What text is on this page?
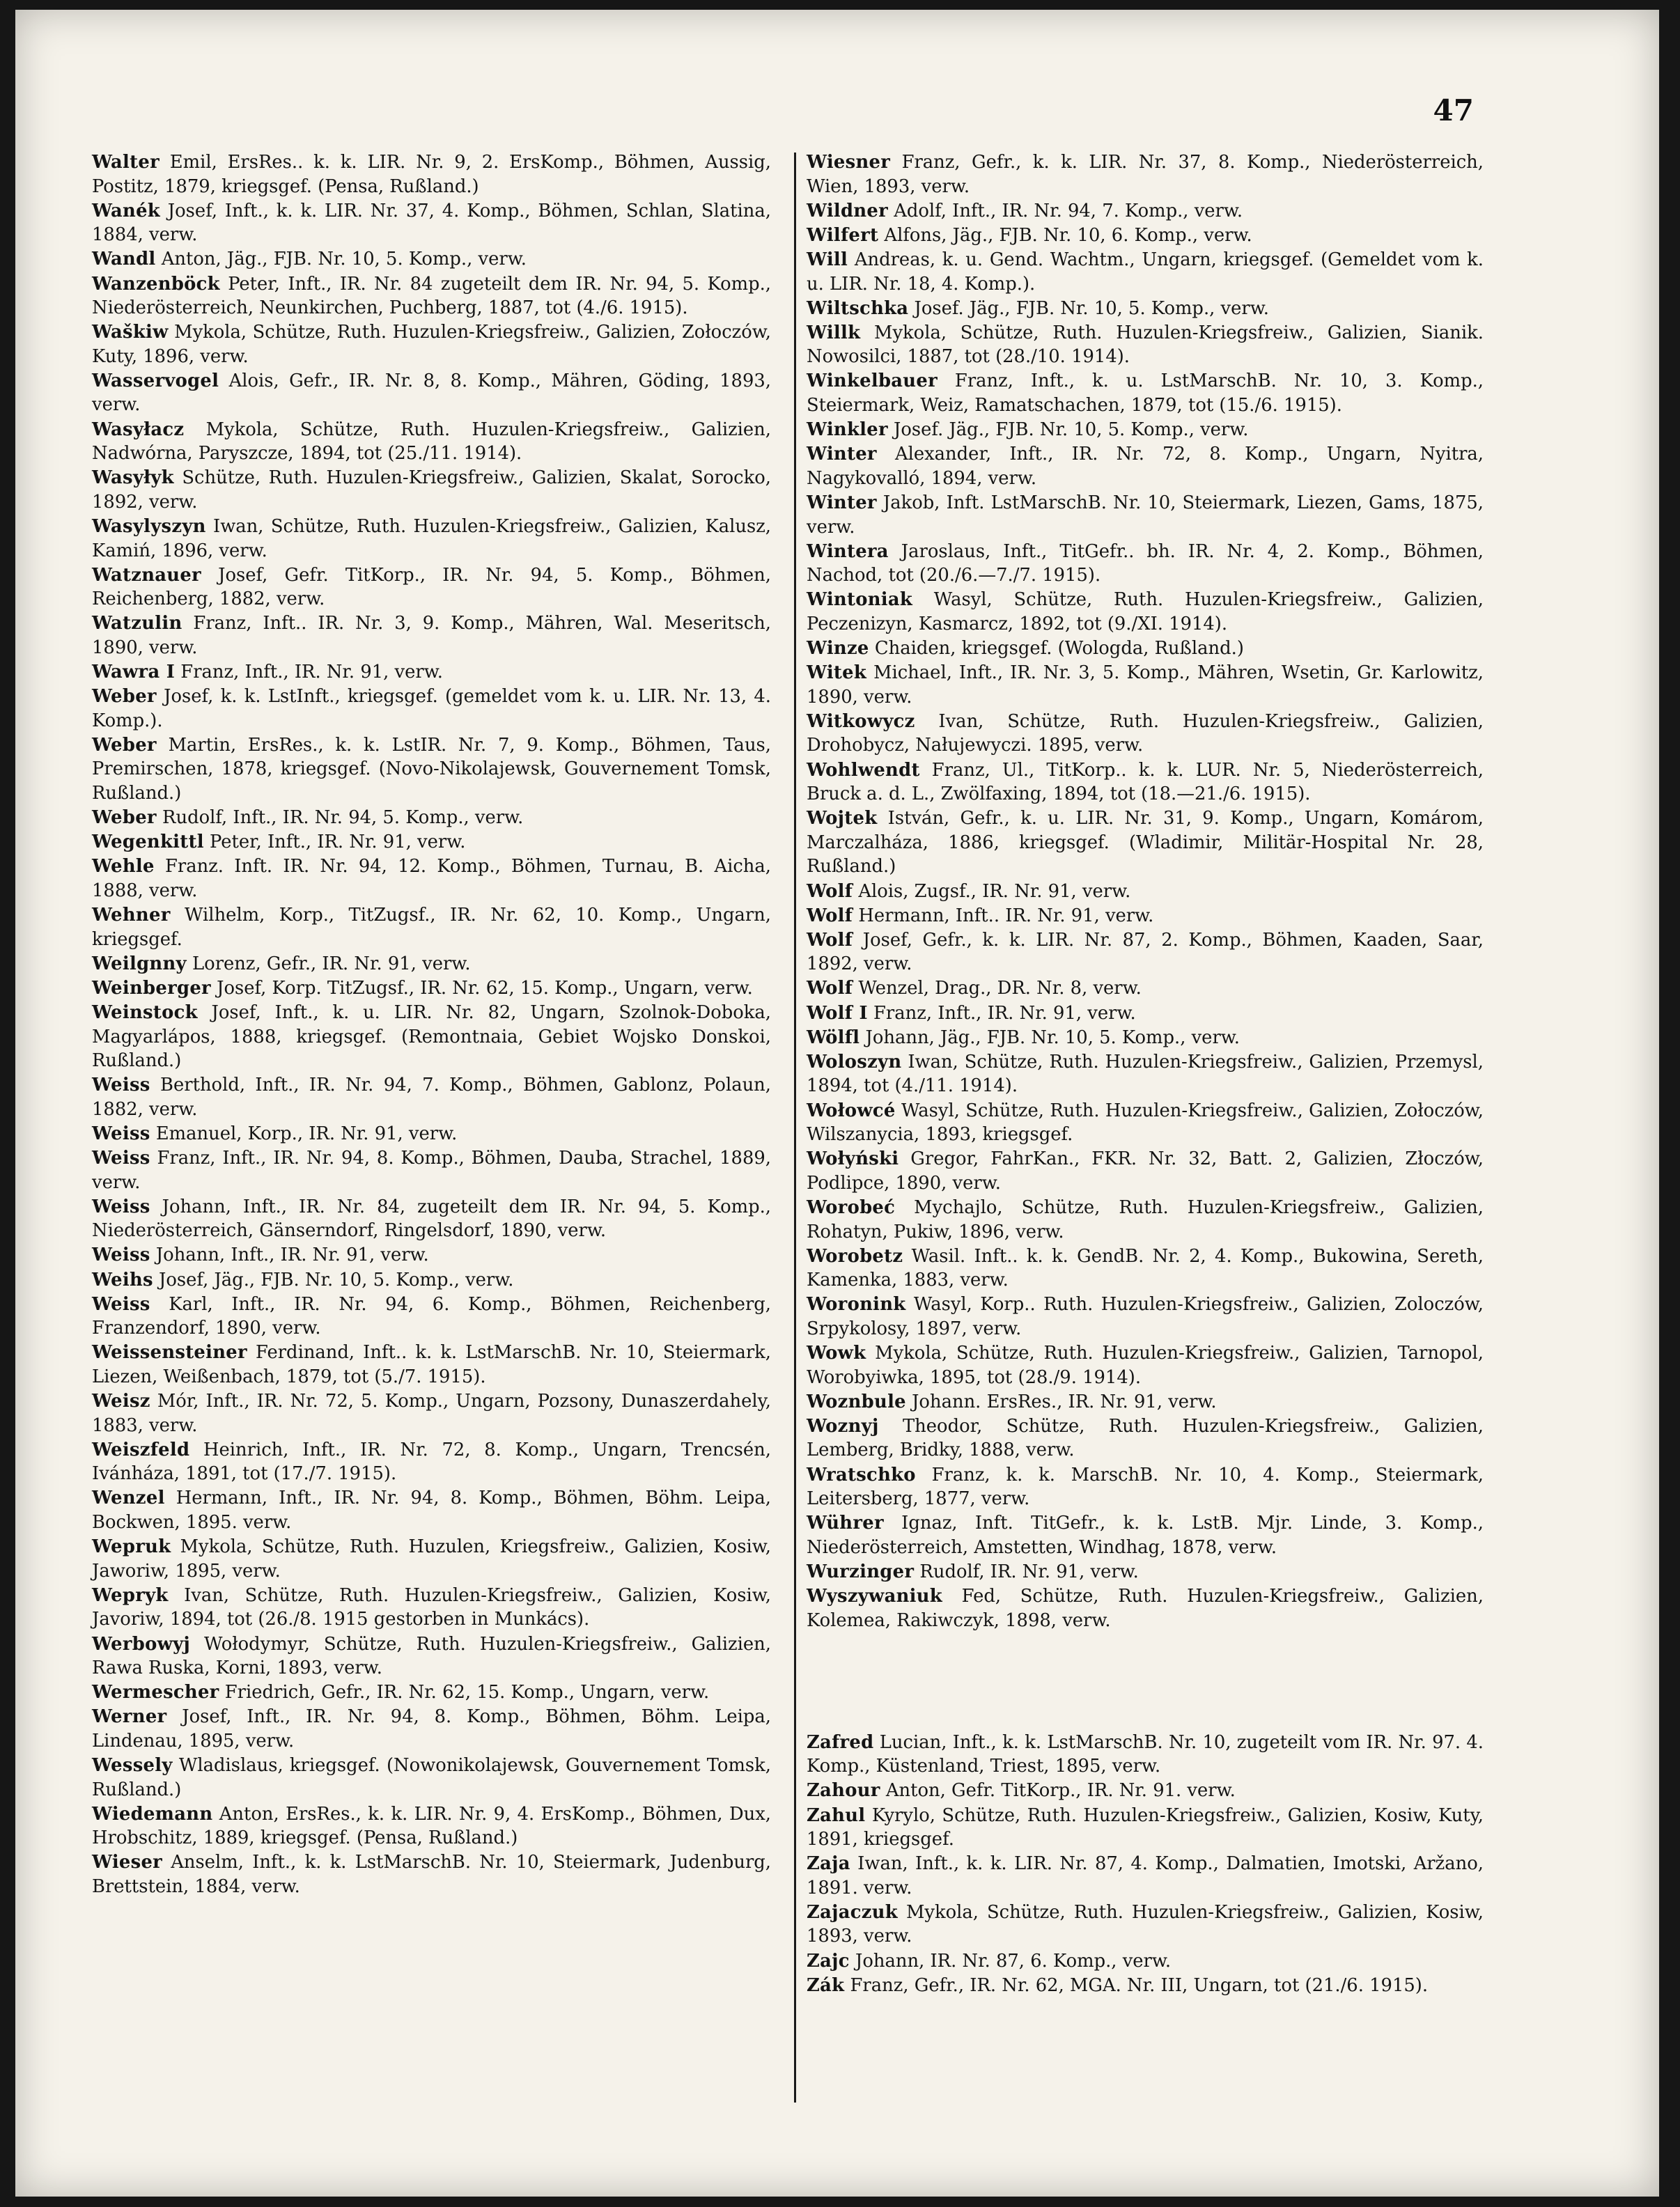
47
Walter Emil, ErsRes.. k. k. LIR. Nr. 9, 2. ErsKomp., Böhmen, Aussig, Postitz, 1879, kriegsgef. (Pensa, Rußland.)
Wanék Josef, Inft., k. k. LIR. Nr. 37, 4. Komp., Böhmen, Schlan, Slatina, 1884, verw.
Wandl Anton, Jäg., FJB. Nr. 10, 5. Komp., verw.
Wanzenböck Peter, Inft., IR. Nr. 84 zugeteilt dem IR. Nr. 94, 5. Komp., Niederösterreich, Neunkirchen, Puchberg, 1887, tot (4./6. 1915).
Waškiw Mykola, Schütze, Ruth. Huzulen-Kriegsfreiw., Galizien, Zołoczów, Kuty, 1896, verw.
Wasservogel Alois, Gefr., IR. Nr. 8, 8. Komp., Mähren, Göding, 1893, verw.
Wasyłacz Mykola, Schütze, Ruth. Huzulen-Kriegsfreiw., Galizien, Nadwórna, Paryszcze, 1894, tot (25./11. 1914).
Wasyłyk Schütze, Ruth. Huzulen-Kriegsfreiw., Galizien, Skalat, Sorocko, 1892, verw.
Wasylyszyn Iwan, Schütze, Ruth. Huzulen-Kriegsfreiw., Galizien, Kalusz, Kamiń, 1896, verw.
Watznauer Josef, Gefr. TitKorp., IR. Nr. 94, 5. Komp., Böhmen, Reichenberg, 1882, verw.
Watzulin Franz, Inft.. IR. Nr. 3, 9. Komp., Mähren, Wal. Meseritsch, 1890, verw.
Wawra I Franz, Inft., IR. Nr. 91, verw.
Weber Josef, k. k. LstInft., kriegsgef. (gemeldet vom k. u. LIR. Nr. 13, 4. Komp.).
Weber Martin, ErsRes., k. k. LstIR. Nr. 7, 9. Komp., Böhmen, Taus, Premirschen, 1878, kriegsgef. (Novo-Nikolajewsk, Gouvernement Tomsk, Rußland.)
Weber Rudolf, Inft., IR. Nr. 94, 5. Komp., verw.
Wegenkittl Peter, Inft., IR. Nr. 91, verw.
Wehle Franz. Inft. IR. Nr. 94, 12. Komp., Böhmen, Turnau, B. Aicha, 1888, verw.
Wehner Wilhelm, Korp., TitZugsf., IR. Nr. 62, 10. Komp., Ungarn, kriegsgef.
Weilgnny Lorenz, Gefr., IR. Nr. 91, verw.
Weinberger Josef, Korp. TitZugsf., IR. Nr. 62, 15. Komp., Ungarn, verw.
Weinstock Josef, Inft., k. u. LIR. Nr. 82, Ungarn, Szolnok-Doboka, Magyarlápos, 1888, kriegsgef. (Remontnaia, Gebiet Wojsko Donskoi, Rußland.)
Weiss Berthold, Inft., IR. Nr. 94, 7. Komp., Böhmen, Gablonz, Polaun, 1882, verw.
Weiss Emanuel, Korp., IR. Nr. 91, verw.
Weiss Franz, Inft., IR. Nr. 94, 8. Komp., Böhmen, Dauba, Strachel, 1889, verw.
Weiss Johann, Inft., IR. Nr. 84, zugeteilt dem IR. Nr. 94, 5. Komp., Niederösterreich, Gänserndorf, Ringelsdorf, 1890, verw.
Weiss Johann, Inft., IR. Nr. 91, verw.
Weihs Josef, Jäg., FJB. Nr. 10, 5. Komp., verw.
Weiss Karl, Inft., IR. Nr. 94, 6. Komp., Böhmen, Reichenberg, Franzendorf, 1890, verw.
Weissensteiner Ferdinand, Inft.. k. k. LstMarschB. Nr. 10, Steiermark, Liezen, Weißenbach, 1879, tot (5./7. 1915).
Weisz Mór, Inft., IR. Nr. 72, 5. Komp., Ungarn, Pozsony, Dunaszerdahely, 1883, verw.
Weiszfeld Heinrich, Inft., IR. Nr. 72, 8. Komp., Ungarn, Trencsén, Ivánháza, 1891, tot (17./7. 1915).
Wenzel Hermann, Inft., IR. Nr. 94, 8. Komp., Böhmen, Böhm. Leipa, Bockwen, 1895. verw.
Wepruk Mykola, Schütze, Ruth. Huzulen, Kriegsfreiw., Galizien, Kosiw, Jaworiw, 1895, verw.
Wepryk Ivan, Schütze, Ruth. Huzulen-Kriegsfreiw., Galizien, Kosiw, Javoriw, 1894, tot (26./8. 1915 gestorben in Munkács).
Werbowyj Wołodymyr, Schütze, Ruth. Huzulen-Kriegsfreiw., Galizien, Rawa Ruska, Korni, 1893, verw.
Wermescher Friedrich, Gefr., IR. Nr. 62, 15. Komp., Ungarn, verw.
Werner Josef, Inft., IR. Nr. 94, 8. Komp., Böhmen, Böhm. Leipa, Lindenau, 1895, verw.
Wessely Wladislaus, kriegsgef. (Nowonikolajewsk, Gouvernement Tomsk, Rußland.)
Wiedemann Anton, ErsRes., k. k. LIR. Nr. 9, 4. ErsKomp., Böhmen, Dux, Hrobschitz, 1889, kriegsgef. (Pensa, Rußland.)
Wieser Anselm, Inft., k. k. LstMarschB. Nr. 10, Steiermark, Judenburg, Brettstein, 1884, verw.
Wiesner Franz, Gefr., k. k. LIR. Nr. 37, 8. Komp., Niederösterreich, Wien, 1893, verw.
Wildner Adolf, Inft., IR. Nr. 94, 7. Komp., verw.
Wilfert Alfons, Jäg., FJB. Nr. 10, 6. Komp., verw.
Will Andreas, k. u. Gend. Wachtm., Ungarn, kriegsgef. (Gemeldet vom k. u. LIR. Nr. 18, 4. Komp.).
Wiltschka Josef. Jäg., FJB. Nr. 10, 5. Komp., verw.
Willk Mykola, Schütze, Ruth. Huzulen-Kriegsfreiw., Galizien, Sianik. Nowosilci, 1887, tot (28./10. 1914).
Winkelbauer Franz, Inft., k. u. LstMarschB. Nr. 10, 3. Komp., Steiermark, Weiz, Ramatschachen, 1879, tot (15./6. 1915).
Winkler Josef. Jäg., FJB. Nr. 10, 5. Komp., verw.
Winter Alexander, Inft., IR. Nr. 72, 8. Komp., Ungarn, Nyitra, Nagykovalló, 1894, verw.
Winter Jakob, Inft. LstMarschB. Nr. 10, Steiermark, Liezen, Gams, 1875, verw.
Wintera Jaroslaus, Inft., TitGefr.. bh. IR. Nr. 4, 2. Komp., Böhmen, Nachod, tot (20./6.—7./7. 1915).
Wintoniak Wasyl, Schütze, Ruth. Huzulen-Kriegsfreiw., Galizien, Peczenizyn, Kasmarcz, 1892, tot (9./XI. 1914).
Winze Chaiden, kriegsgef. (Wologda, Rußland.)
Witek Michael, Inft., IR. Nr. 3, 5. Komp., Mähren, Wsetin, Gr. Karlowitz, 1890, verw.
Witkowycz Ivan, Schütze, Ruth. Huzulen-Kriegsfreiw., Galizien, Drohobycz, Nałujewyczi. 1895, verw.
Wohlwendt Franz, Ul., TitKorp.. k. k. LUR. Nr. 5, Niederösterreich, Bruck a. d. L., Zwölfaxing, 1894, tot (18.—21./6. 1915).
Wojtek István, Gefr., k. u. LIR. Nr. 31, 9. Komp., Ungarn, Komárom, Marczalháza, 1886, kriegsgef. (Wladimir, Militär-Hospital Nr. 28, Rußland.)
Wolf Alois, Zugsf., IR. Nr. 91, verw.
Wolf Hermann, Inft.. IR. Nr. 91, verw.
Wolf Josef, Gefr., k. k. LIR. Nr. 87, 2. Komp., Böhmen, Kaaden, Saar, 1892, verw.
Wolf Wenzel, Drag., DR. Nr. 8, verw.
Wolf I Franz, Inft., IR. Nr. 91, verw.
Wölfl Johann, Jäg., FJB. Nr. 10, 5. Komp., verw.
Woloszyn Iwan, Schütze, Ruth. Huzulen-Kriegsfreiw., Galizien, Przemysl, 1894, tot (4./11. 1914).
Wołowcé Wasyl, Schütze, Ruth. Huzulen-Kriegsfreiw., Galizien, Zołoczów, Wilszanycia, 1893, kriegsgef.
Wołyński Gregor, FahrKan., FKR. Nr. 32, Batt. 2, Galizien, Złoczów, Podlipce, 1890, verw.
Worobeć Mychajlo, Schütze, Ruth. Huzulen-Kriegsfreiw., Galizien, Rohatyn, Pukiw, 1896, verw.
Worobetz Wasil. Inft.. k. k. GendB. Nr. 2, 4. Komp., Bukowina, Sereth, Kamenka, 1883, verw.
Woronink Wasyl, Korp.. Ruth. Huzulen-Kriegsfreiw., Galizien, Zoloczów, Srpykolosy, 1897, verw.
Wowk Mykola, Schütze, Ruth. Huzulen-Kriegsfreiw., Galizien, Tarnopol, Worobyiwka, 1895, tot (28./9. 1914).
Woznbule Johann. ErsRes., IR. Nr. 91, verw.
Woznyj Theodor, Schütze, Ruth. Huzulen-Kriegsfreiw., Galizien, Lemberg, Bridky, 1888, verw.
Wratschko Franz, k. k. MarschB. Nr. 10, 4. Komp., Steiermark, Leitersberg, 1877, verw.
Wührer Ignaz, Inft. TitGefr., k. k. LstB. Mjr. Linde, 3. Komp., Niederösterreich, Amstetten, Windhag, 1878, verw.
Wurzinger Rudolf, IR. Nr. 91, verw.
Wyszywaniuk Fed, Schütze, Ruth. Huzulen-Kriegsfreiw., Galizien, Kolemea, Rakiwczyk, 1898, verw.
Zafred Lucian, Inft., k. k. LstMarschB. Nr. 10, zugeteilt vom IR. Nr. 97. 4. Komp., Küstenland, Triest, 1895, verw.
Zahour Anton, Gefr. TitKorp., IR. Nr. 91. verw.
Zahul Kyrylo, Schütze, Ruth. Huzulen-Kriegsfreiw., Galizien, Kosiw, Kuty, 1891, kriegsgef.
Zaja Iwan, Inft., k. k. LIR. Nr. 87, 4. Komp., Dalmatien, Imotski, Aržano, 1891. verw.
Zajaczuk Mykola, Schütze, Ruth. Huzulen-Kriegsfreiw., Galizien, Kosiw, 1893, verw.
Zajc Johann, IR. Nr. 87, 6. Komp., verw.
Zák Franz, Gefr., IR. Nr. 62, MGA. Nr. III, Ungarn, tot (21./6. 1915).
